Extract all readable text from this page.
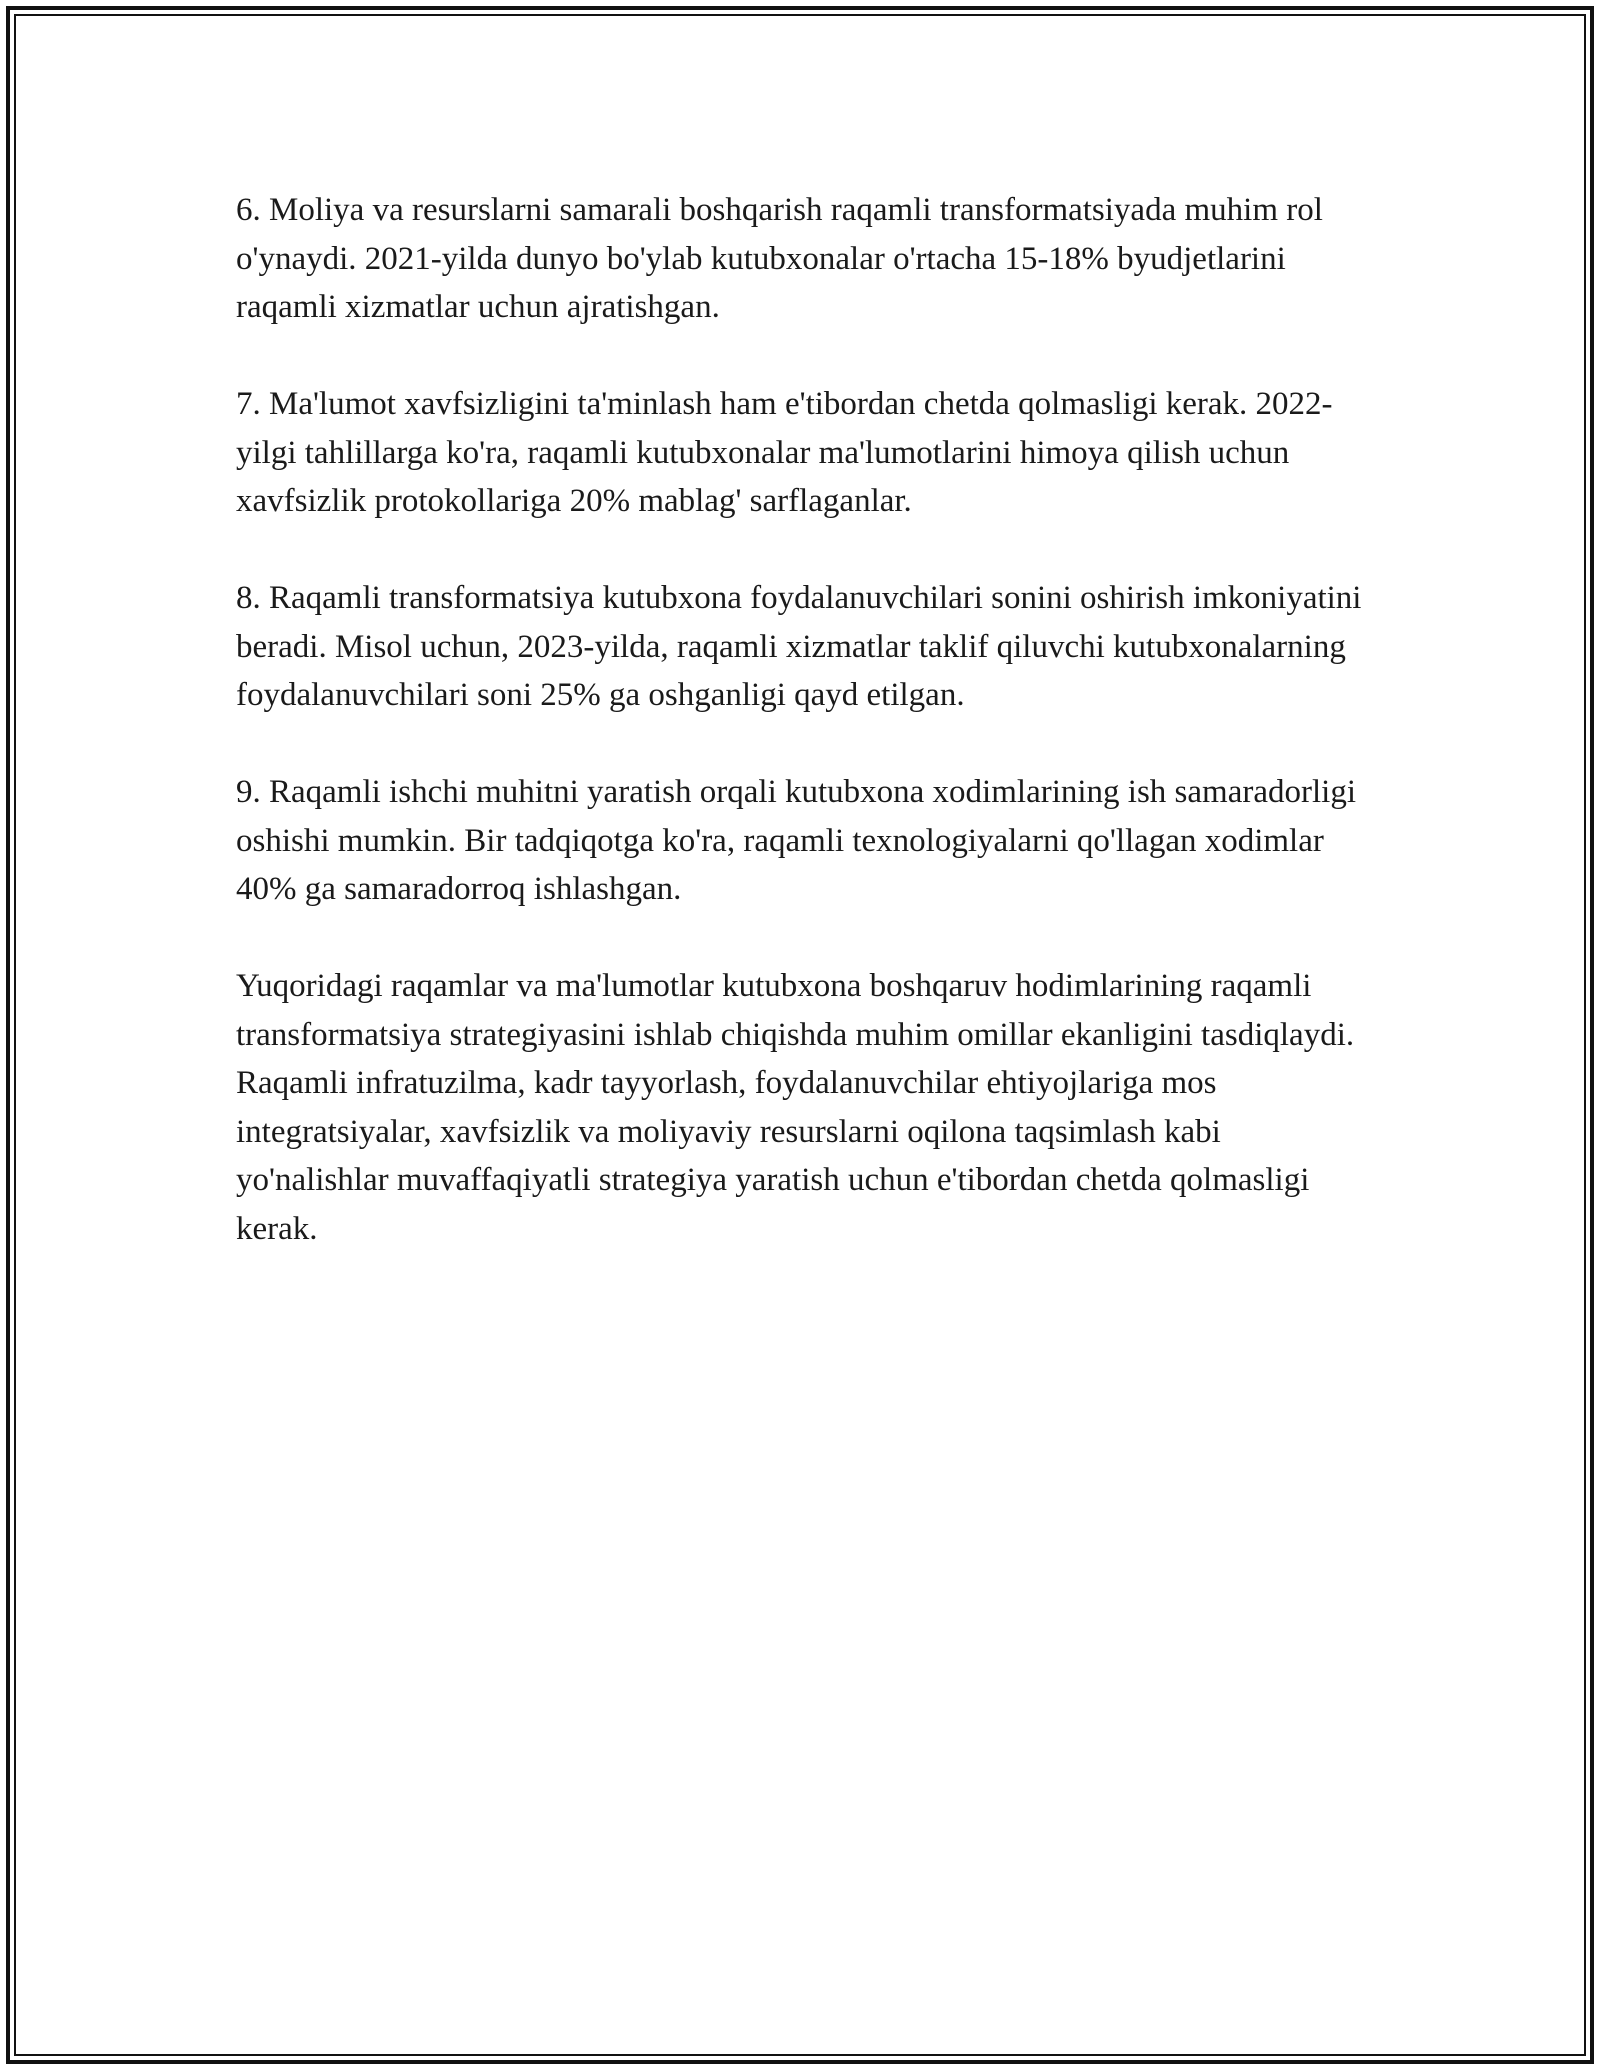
6. Moliya va resurslarni samarali boshqarish raqamli transformatsiyada muhim rol o'ynaydi. 2021-yilda dunyo bo'ylab kutubxonalar o'rtacha 15-18% byudjetlarini raqamli xizmatlar uchun ajratishgan.

7. Ma'lumot xavfsizligini ta'minlash ham e'tibordan chetda qolmasligi kerak. 2022-yilgi tahlillarga ko'ra, raqamli kutubxonalar ma'lumotlarini himoya qilish uchun xavfsizlik protokollariga 20% mablag' sarflaganlar.

8. Raqamli transformatsiya kutubxona foydalanuvchilari sonini oshirish imkoniyatini beradi. Misol uchun, 2023-yilda, raqamli xizmatlar taklif qiluvchi kutubxonalarning foydalanuvchilari soni 25% ga oshganligi qayd etilgan.

9. Raqamli ishchi muhitni yaratish orqali kutubxona xodimlarining ish samaradorligi oshishi mumkin. Bir tadqiqotga ko'ra, raqamli texnologiyalarni qo'llagan xodimlar 40% ga samaradorroq ishlashgan.

Yuqoridagi raqamlar va ma'lumotlar kutubxona boshqaruv hodimlarining raqamli transformatsiya strategiyasini ishlab chiqishda muhim omillar ekanligini tasdiqlaydi. Raqamli infratuzilma, kadr tayyorlash, foydalanuvchilar ehtiyojlariga mos integratsiyalar, xavfsizlik va moliyaviy resurslarni oqilona taqsimlash kabi yo'nalishlar muvaffaqiyatli strategiya yaratish uchun e'tibordan chetda qolmasligi kerak.
